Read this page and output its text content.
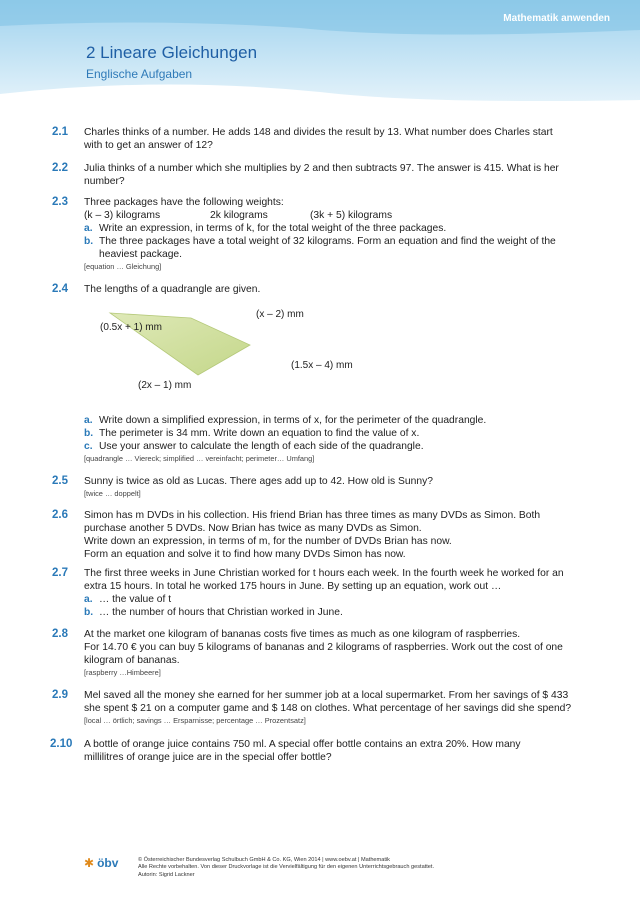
Mathematik anwenden
2 Lineare Gleichungen
Englische Aufgaben
2.1 Charles thinks of a number. He adds 148 and divides the result by 13. What number does Charles start

with to get an answer of 12?

2.2 Julia thinks of a number which she multiplies by 2 and then subtracts 97. The answer is 415. What is her

number?

2.3 Three packages have the following weights:

(k – 3) kilograms	2k kilograms	(3k + 5) kilograms
a. Write an expression, in terms of k, for the total weight of the three packages.
b. The three packages have a total weight of 32 kilograms. Form an equation and find the weight of the

heaviest package.

[equation … Gleichung]
2.4 The lengths of a quadrangle are given.

(x – 2) mm
(0.5x + 1) mm
(1.5x – 4) mm
(2x – 1) mm
a. Write down a simplified expression, in terms of x, for the perimeter of the quadrangle.
b. The perimeter is 34 mm. Write down an equation to find the value of x.
c. Use your answer to calculate the length of each side of the quadrangle.
[quadrangle … Viereck; simplified … vereinfacht; perimeter… Umfang]
2.5 Sunny is twice as old as Lucas. There ages add up to 42. How old is Sunny?

[twice … doppelt]
2.6 Simon has m DVDs in his collection. His friend Brian has three times as many DVDs as Simon. Both

purchase another 5 DVDs. Now Brian has twice as many DVDs as Simon.

Write down an expression, in terms of m, for the number of DVDs Brian has now.

Form an equation and solve it to find how many DVDs Simon has now.

2.7 The first three weeks in June Christian worked for t hours each week. In the fourth week he worked for an

extra 15 hours. In total he worked 175 hours in June. By setting up an equation, work out …

a. … the value of t
b. … the number of hours that Christian worked in June.
2.8 At the market one kilogram of bananas costs five times as much as one kilogram of raspberries.

For 14.70 € you can buy 5 kilograms of bananas and 2 kilograms of raspberries. Work out the cost of one

kilogram of bananas.

[raspberry …Himbeere]
2.9 Mel saved all the money she earned for her summer job at a local supermarket. From her savings of $ 433

she spent $ 21 on a computer game and $ 148 on clothes. What percentage of her savings did she spend?

[local … örtlich; savings … Ersparnisse; percentage … Prozentsatz]
2.10 A bottle of orange juice contains 750 ml. A special offer bottle contains an extra 20%. How many

millilitres of orange juice are in the special offer bottle?

✱ öbv	© Österreichischer Bundesverlag Schulbuch GmbH & Co. KG, Wien 2014 | www.oebv.at | Mathematik
Alle Rechte vorbehalten. Von dieser Druckvorlage ist die Vervielfältigung für den eigenen Unterrichtsgebrauch gestattet.
Autorin: Sigrid Lackner
